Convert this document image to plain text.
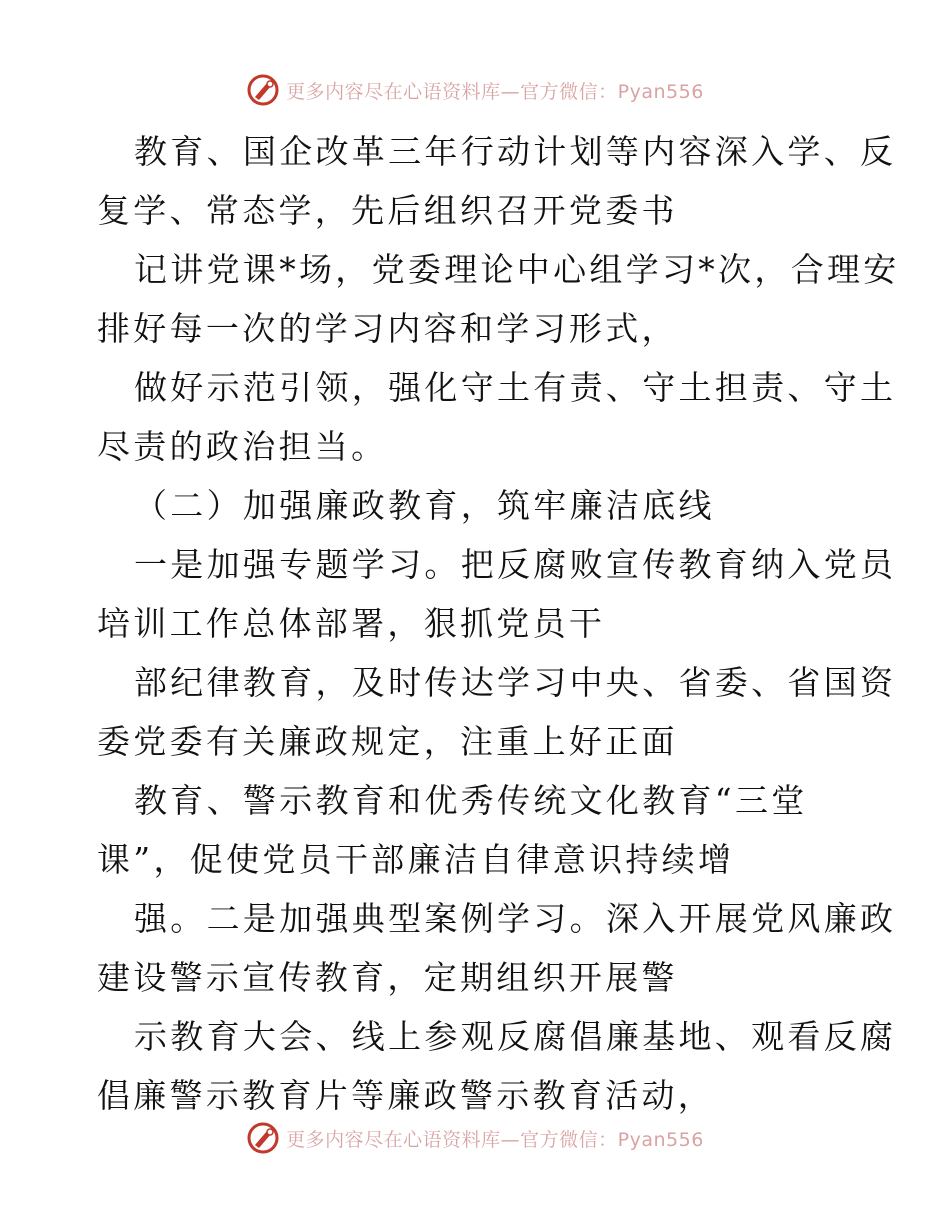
更多内容尽在心语资料库—官方微信：Pyan556
教育、国企改革三年行动计划等内容深入学、反
复学、常态学，先后组织召开党委书
记讲党课*场，党委理论中心组学习*次，合理安
排好每一次的学习内容和学习形式，
做好示范引领，强化守土有责、守土担责、守土
尽责的政治担当。
（二）加强廉政教育，筑牢廉洁底线
一是加强专题学习。把反腐败宣传教育纳入党员
培训工作总体部署，狠抓党员干
部纪律教育，及时传达学习中央、省委、省国资
委党委有关廉政规定，注重上好正面
教育、警示教育和优秀传统文化教育“三堂
课”，促使党员干部廉洁自律意识持续增
强。二是加强典型案例学习。深入开展党风廉政
建设警示宣传教育，定期组织开展警
示教育大会、线上参观反腐倡廉基地、观看反腐
倡廉警示教育片等廉政警示教育活动，
更多内容尽在心语资料库—官方微信：Pyan556
